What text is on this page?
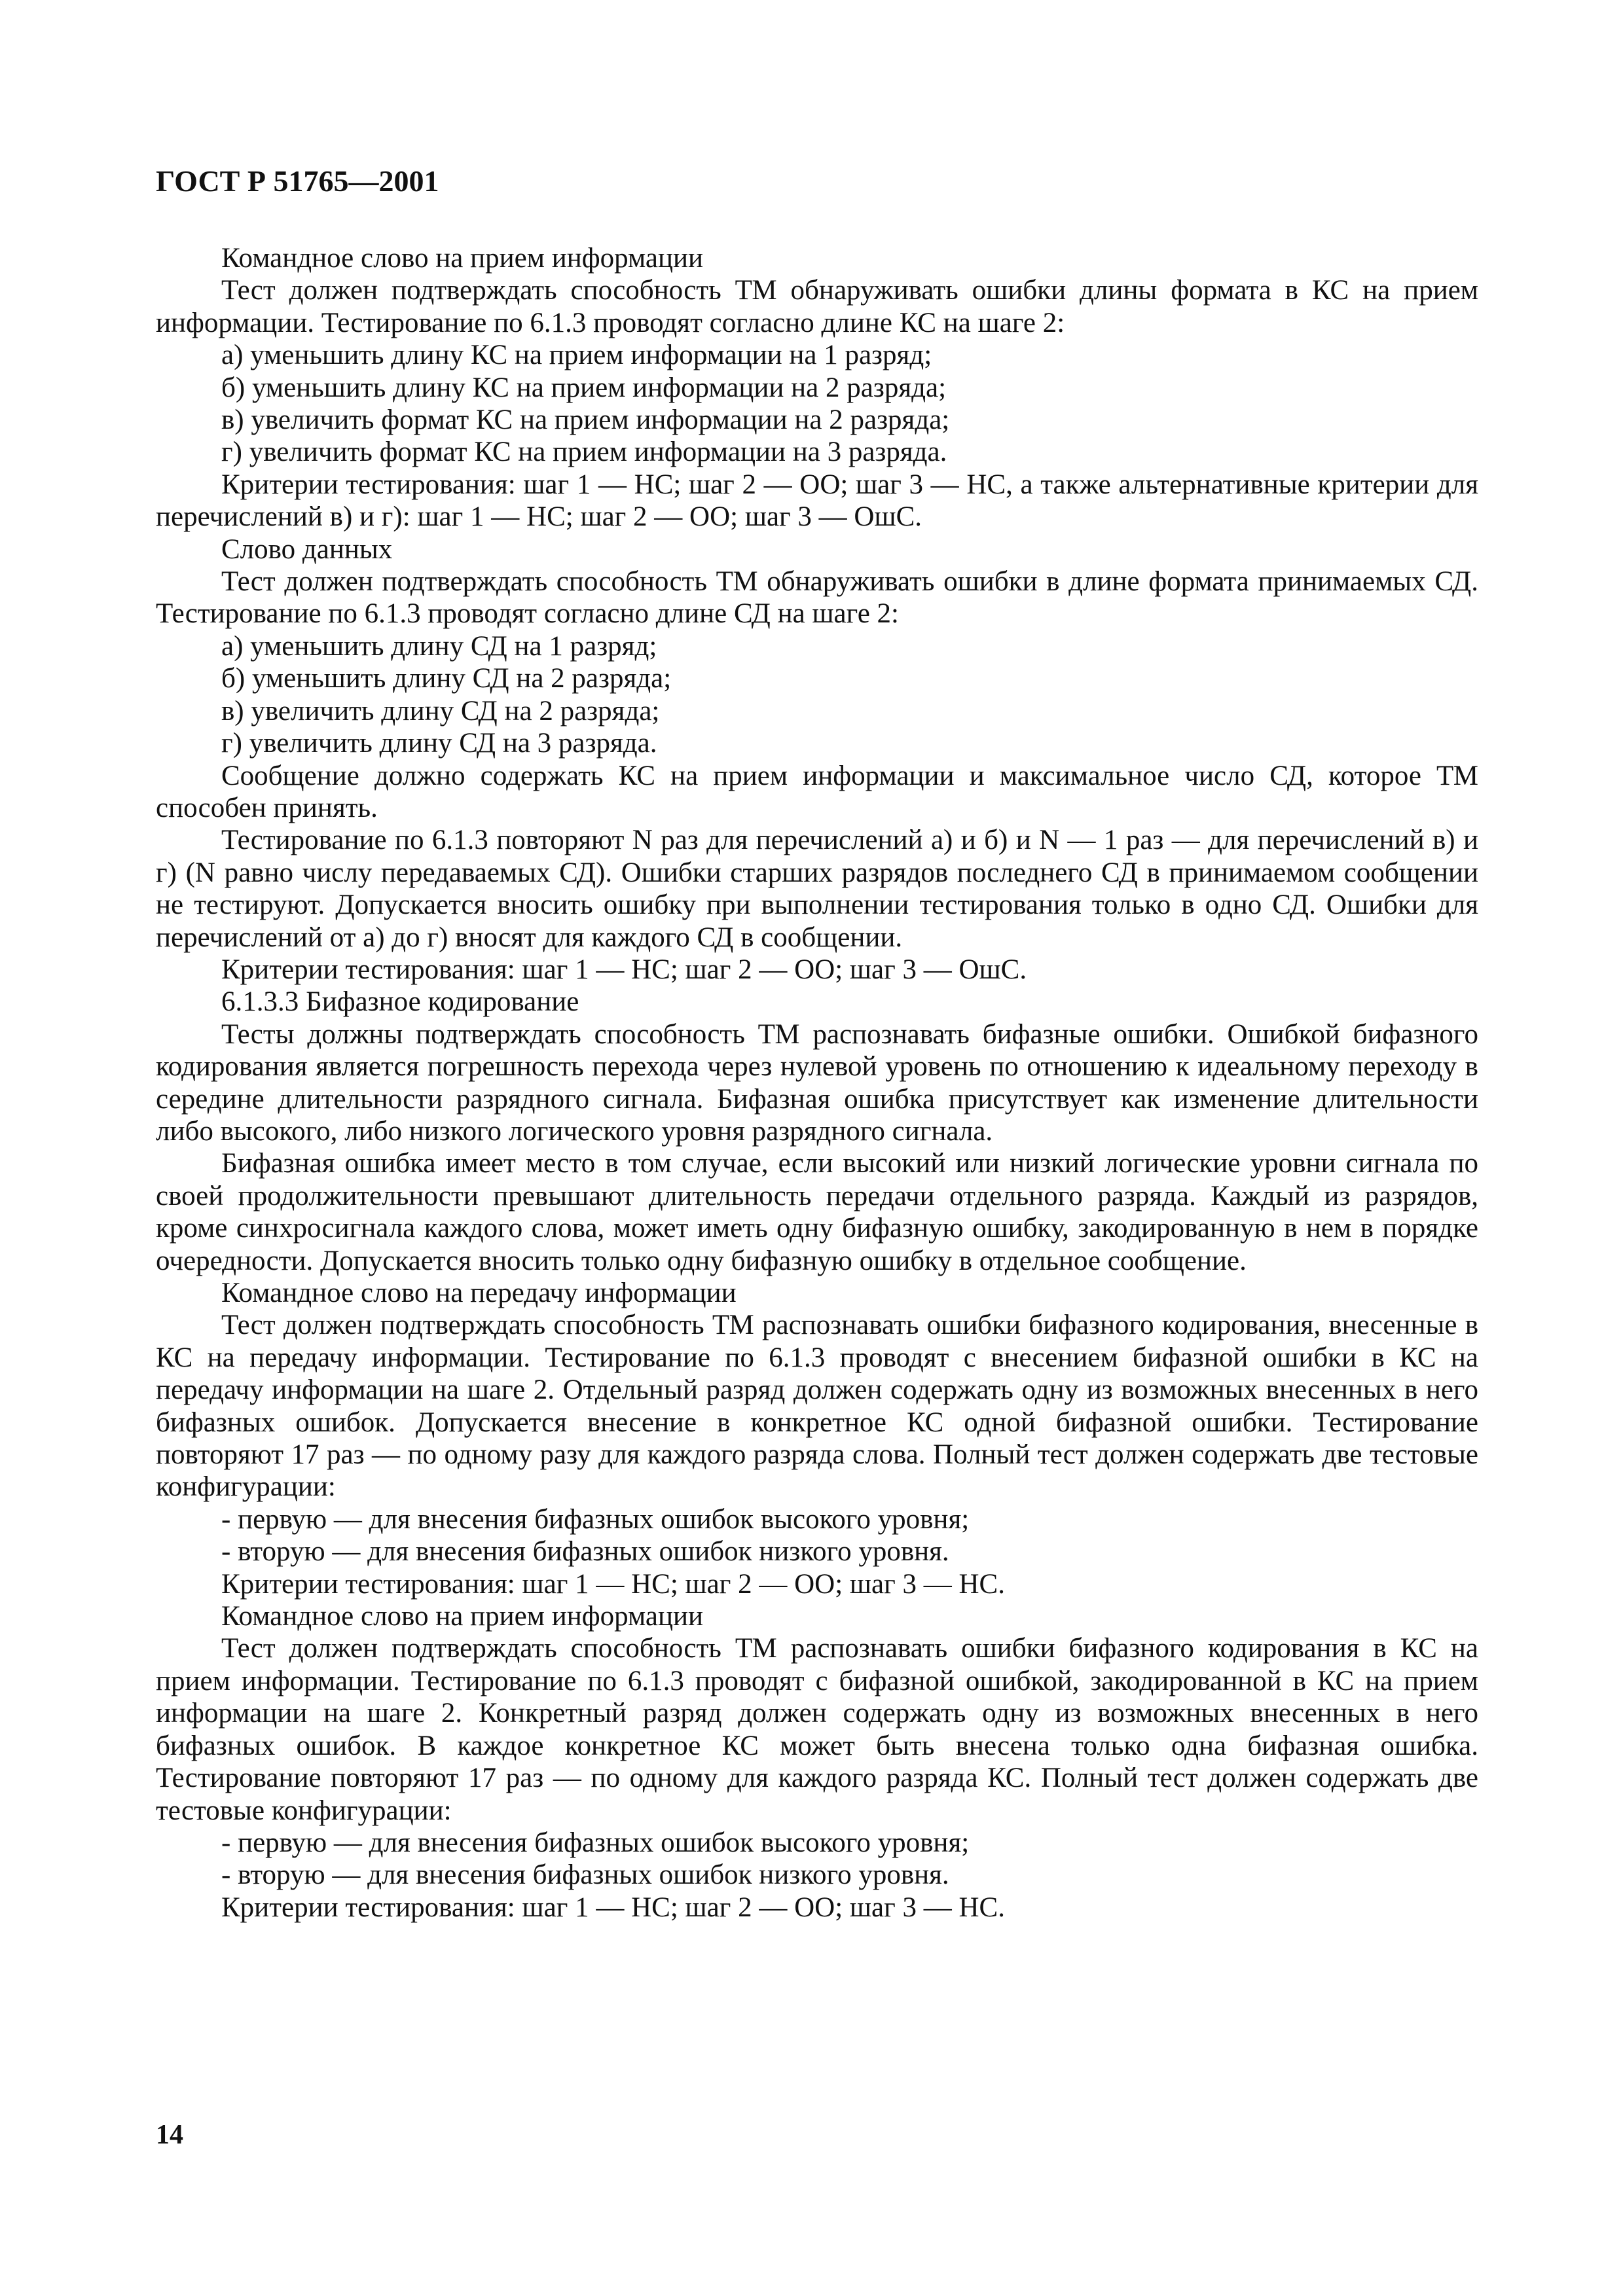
ГОСТ Р 51765—2001

Командное слово на прием информации

Тест должен подтверждать способность ТМ обнаруживать ошибки длины формата в КС на прием информации. Тестирование по 6.1.3 проводят согласно длине КС на шаге 2:

а) уменьшить длину КС на прием информации на 1 разряд;

б) уменьшить длину КС на прием информации на 2 разряда;

в) увеличить формат КС на прием информации на 2 разряда;

г) увеличить формат КС на прием информации на 3 разряда.

Критерии тестирования: шаг 1 — НС; шаг 2 — ОО; шаг 3 — НС, а также альтернативные критерии для перечислений в) и г): шаг 1 — НС; шаг 2 — ОО; шаг 3 — ОшС.

Слово данных

Тест должен подтверждать способность ТМ обнаруживать ошибки в длине формата принимаемых СД. Тестирование по 6.1.3 проводят согласно длине СД на шаге 2:

а) уменьшить длину СД на 1 разряд;

б) уменьшить длину СД на 2 разряда;

в) увеличить длину СД на 2 разряда;

г) увеличить длину СД на 3 разряда.

Сообщение должно содержать КС на прием информации и максимальное число СД, которое ТМ способен принять.

Тестирование по 6.1.3 повторяют N раз для перечислений а) и б) и N — 1 раз — для перечислений в) и г) (N равно числу передаваемых СД). Ошибки старших разрядов последнего СД в принимаемом сообщении не тестируют. Допускается вносить ошибку при выполнении тестирования только в одно СД. Ошибки для перечислений от а) до г) вносят для каждого СД в сообщении.

Критерии тестирования: шаг 1 — НС; шаг 2 — ОО; шаг 3 — ОшС.

6.1.3.3 Бифазное кодирование

Тесты должны подтверждать способность ТМ распознавать бифазные ошибки. Ошибкой бифазного кодирования является погрешность перехода через нулевой уровень по отношению к идеальному переходу в середине длительности разрядного сигнала. Бифазная ошибка присутствует как изменение длительности либо высокого, либо низкого логического уровня разрядного сигнала.

Бифазная ошибка имеет место в том случае, если высокий или низкий логические уровни сигнала по своей продолжительности превышают длительность передачи отдельного разряда. Каждый из разрядов, кроме синхросигнала каждого слова, может иметь одну бифазную ошибку, закодированную в нем в порядке очередности. Допускается вносить только одну бифазную ошибку в отдельное сообщение.

Командное слово на передачу информации

Тест должен подтверждать способность ТМ распознавать ошибки бифазного кодирования, внесенные в КС на передачу информации. Тестирование по 6.1.3 проводят с внесением бифазной ошибки в КС на передачу информации на шаге 2. Отдельный разряд должен содержать одну из возможных внесенных в него бифазных ошибок. Допускается внесение в конкретное КС одной бифазной ошибки. Тестирование повторяют 17 раз — по одному разу для каждого разряда слова. Полный тест должен содержать две тестовые конфигурации:

- первую — для внесения бифазных ошибок высокого уровня;

- вторую — для внесения бифазных ошибок низкого уровня.

Критерии тестирования: шаг 1 — НС; шаг 2 — ОО; шаг 3 — НС.

Командное слово на прием информации

Тест должен подтверждать способность ТМ распознавать ошибки бифазного кодирования в КС на прием информации. Тестирование по 6.1.3 проводят с бифазной ошибкой, закодированной в КС на прием информации на шаге 2. Конкретный разряд должен содержать одну из возможных внесенных в него бифазных ошибок. В каждое конкретное КС может быть внесена только одна бифазная ошибка. Тестирование повторяют 17 раз — по одному для каждого разряда КС. Полный тест должен содержать две тестовые конфигурации:

- первую — для внесения бифазных ошибок высокого уровня;

- вторую — для внесения бифазных ошибок низкого уровня.

Критерии тестирования: шаг 1 — НС; шаг 2 — ОО; шаг 3 — НС.

14
